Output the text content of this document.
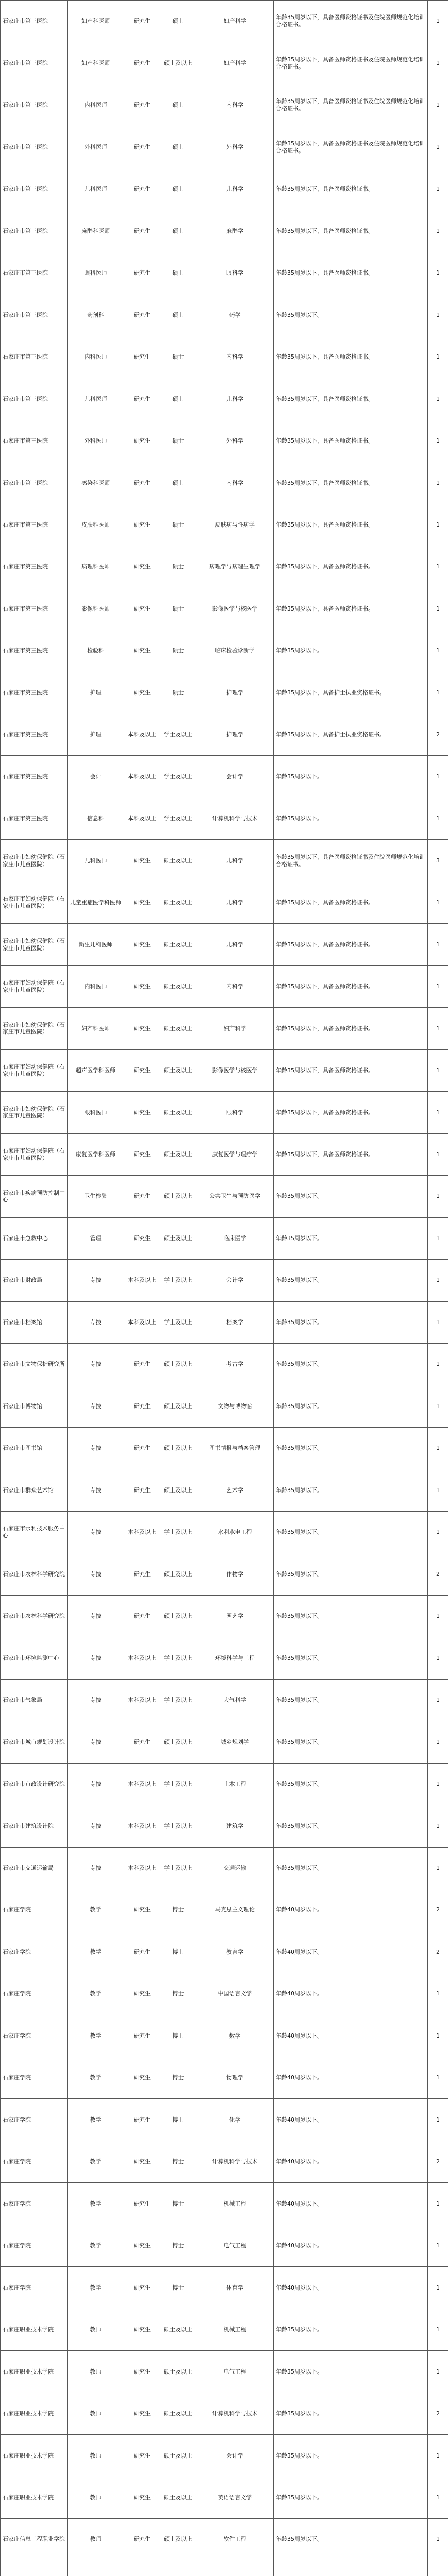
石家庄市第三医院	妇产科医师	研究生	硕士	妇产科学	年龄35周岁以下，具备医师资格证书及住院医师规范化培训合格证书。	1
石家庄市第三医院	妇产科医师	研究生	硕士及以上	妇产科学	年龄35周岁以下，具备医师资格证书及住院医师规范化培训合格证书。	1
石家庄市第三医院	内科医师	研究生	硕士	内科学	年龄35周岁以下，具备医师资格证书及住院医师规范化培训合格证书。	1
石家庄市第三医院	外科医师	研究生	硕士	外科学	年龄35周岁以下，具备医师资格证书及住院医师规范化培训合格证书。	1
石家庄市第三医院	儿科医师	研究生	硕士	儿科学	年龄35周岁以下，具备医师资格证书。	1
石家庄市第三医院	麻醉科医师	研究生	硕士	麻醉学	年龄35周岁以下，具备医师资格证书。	1
石家庄市第三医院	眼科医师	研究生	硕士	眼科学	年龄35周岁以下，具备医师资格证书。	1
石家庄市第三医院	药剂科	研究生	硕士	药学	年龄35周岁以下。	1
石家庄市第三医院	内科医师	研究生	硕士	内科学	年龄35周岁以下，具备医师资格证书。	1
石家庄市第三医院	儿科医师	研究生	硕士	儿科学	年龄35周岁以下，具备医师资格证书。	1
石家庄市第三医院	外科医师	研究生	硕士	外科学	年龄35周岁以下，具备医师资格证书。	1
石家庄市第三医院	感染科医师	研究生	硕士	内科学	年龄35周岁以下，具备医师资格证书。	1
石家庄市第三医院	皮肤科医师	研究生	硕士	皮肤病与性病学	年龄35周岁以下，具备医师资格证书。	1
石家庄市第三医院	病理科医师	研究生	硕士	病理学与病理生理学	年龄35周岁以下，具备医师资格证书。	1
石家庄市第三医院	影像科医师	研究生	硕士	影像医学与核医学	年龄35周岁以下，具备医师资格证书。	1
石家庄市第三医院	检验科	研究生	硕士	临床检验诊断学	年龄35周岁以下。	1
石家庄市第三医院	护理	研究生	硕士	护理学	年龄35周岁以下，具备护士执业资格证书。	1
石家庄市第三医院	护理	本科及以上	学士及以上	护理学	年龄35周岁以下，具备护士执业资格证书。	2
石家庄市第三医院	会计	本科及以上	学士及以上	会计学	年龄35周岁以下。	1
石家庄市第三医院	信息科	本科及以上	学士及以上	计算机科学与技术	年龄35周岁以下。	1
石家庄市妇幼保健院（石家庄市儿童医院）	儿科医师	研究生	硕士及以上	儿科学	年龄35周岁以下，具备医师资格证书及住院医师规范化培训合格证书。	3
石家庄市妇幼保健院（石家庄市儿童医院）	儿童重症医学科医师	研究生	硕士及以上	儿科学	年龄35周岁以下，具备医师资格证书。	1
石家庄市妇幼保健院（石家庄市儿童医院）	新生儿科医师	研究生	硕士及以上	儿科学	年龄35周岁以下，具备医师资格证书。	1
石家庄市妇幼保健院（石家庄市儿童医院）	内科医师	研究生	硕士及以上	内科学	年龄35周岁以下，具备医师资格证书。	1
石家庄市妇幼保健院（石家庄市儿童医院）	妇产科医师	研究生	硕士及以上	妇产科学	年龄35周岁以下，具备医师资格证书。	1
石家庄市妇幼保健院（石家庄市儿童医院）	超声医学科医师	研究生	硕士及以上	影像医学与核医学	年龄35周岁以下，具备医师资格证书。	1
石家庄市妇幼保健院（石家庄市儿童医院）	眼科医师	研究生	硕士及以上	眼科学	年龄35周岁以下，具备医师资格证书。	1
石家庄市妇幼保健院（石家庄市儿童医院）	康复医学科医师	研究生	硕士及以上	康复医学与理疗学	年龄35周岁以下，具备医师资格证书。	1
石家庄市疾病预防控制中心	卫生检验	研究生	硕士及以上	公共卫生与预防医学	年龄35周岁以下。	1
石家庄市急救中心	管理	研究生	硕士及以上	临床医学	年龄35周岁以下。	1
石家庄市财政局	专技	本科及以上	学士及以上	会计学	年龄35周岁以下。	1
石家庄市档案馆	专技	本科及以上	学士及以上	档案学	年龄35周岁以下。	1
石家庄市文物保护研究所	专技	研究生	硕士及以上	考古学	年龄35周岁以下。	1
石家庄市博物馆	专技	研究生	硕士及以上	文物与博物馆	年龄35周岁以下。	1
石家庄市图书馆	专技	研究生	硕士及以上	图书情报与档案管理	年龄35周岁以下。	1
石家庄市群众艺术馆	专技	研究生	硕士及以上	艺术学	年龄35周岁以下。	1
石家庄市水利技术服务中心	专技	本科及以上	学士及以上	水利水电工程	年龄35周岁以下。	1
石家庄市农林科学研究院	专技	研究生	硕士及以上	作物学	年龄35周岁以下。	2
石家庄市农林科学研究院	专技	研究生	硕士及以上	园艺学	年龄35周岁以下。	1
石家庄市环境监测中心	专技	本科及以上	学士及以上	环境科学与工程	年龄35周岁以下。	1
石家庄市气象局	专技	本科及以上	学士及以上	大气科学	年龄35周岁以下。	1
石家庄市城市规划设计院	专技	研究生	硕士及以上	城乡规划学	年龄35周岁以下。	1
石家庄市市政设计研究院	专技	本科及以上	学士及以上	土木工程	年龄35周岁以下。	1
石家庄市建筑设计院	专技	本科及以上	学士及以上	建筑学	年龄35周岁以下。	1
石家庄市交通运输局	专技	本科及以上	学士及以上	交通运输	年龄35周岁以下。	1
石家庄学院	教学	研究生	博士	马克思主义理论	年龄40周岁以下。	2
石家庄学院	教学	研究生	博士	教育学	年龄40周岁以下。	2
石家庄学院	教学	研究生	博士	中国语言文学	年龄40周岁以下。	1
石家庄学院	教学	研究生	博士	数学	年龄40周岁以下。	1
石家庄学院	教学	研究生	博士	物理学	年龄40周岁以下。	1
石家庄学院	教学	研究生	博士	化学	年龄40周岁以下。	1
石家庄学院	教学	研究生	博士	计算机科学与技术	年龄40周岁以下。	2
石家庄学院	教学	研究生	博士	机械工程	年龄40周岁以下。	1
石家庄学院	教学	研究生	博士	电气工程	年龄40周岁以下。	1
石家庄学院	教学	研究生	博士	体育学	年龄40周岁以下。	1
石家庄职业技术学院	教师	研究生	硕士及以上	机械工程	年龄35周岁以下。	1
石家庄职业技术学院	教师	研究生	硕士及以上	电气工程	年龄35周岁以下。	1
石家庄职业技术学院	教师	研究生	硕士及以上	计算机科学与技术	年龄35周岁以下。	2
石家庄职业技术学院	教师	研究生	硕士及以上	会计学	年龄35周岁以下。	1
石家庄职业技术学院	教师	研究生	硕士及以上	英语语言文学	年龄35周岁以下。	1
石家庄信息工程职业学院	教师	研究生	硕士及以上	软件工程	年龄35周岁以下。	1
